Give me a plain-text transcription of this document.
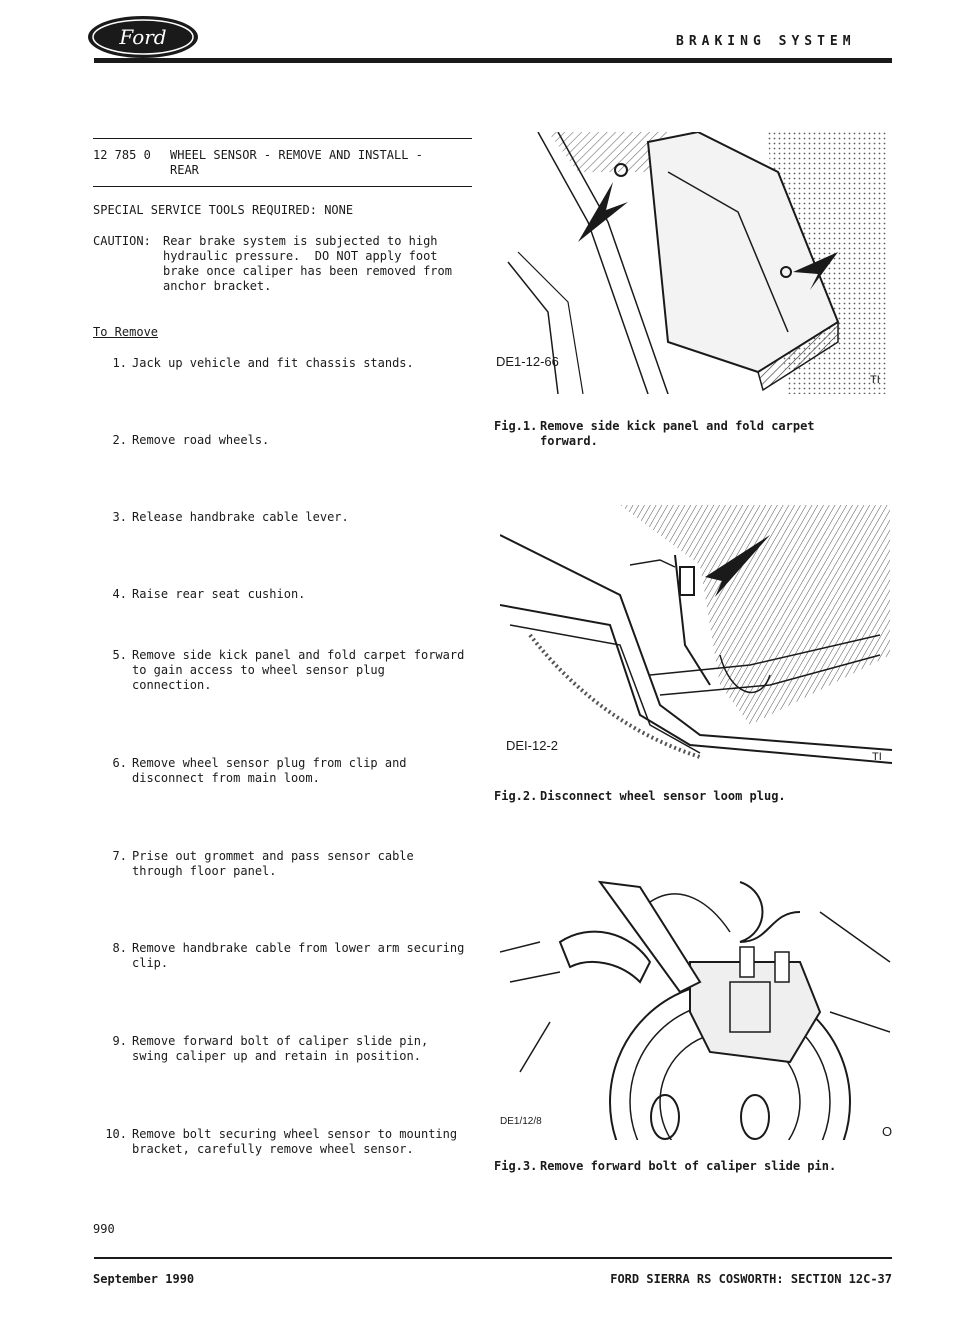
Ford	BRAKING SYSTEM
12 785 0 WHEEL SENSOR - REMOVE AND INSTALL -
REAR
SPECIAL SERVICE TOOLS REQUIRED: NONE
CAUTION: Rear brake system is subjected to high
hydraulic pressure.  DO NOT apply foot
brake once caliper has been removed from
anchor bracket.
To Remove
1. Jack up vehicle and fit chassis stands.
2. Remove road wheels.
3. Release handbrake cable lever.
4. Raise rear seat cushion.
5. Remove side kick panel and fold carpet forward
to gain access to wheel sensor plug
connection.
6. Remove wheel sensor plug from clip and
disconnect from main loom.
7. Prise out grommet and pass sensor cable
through floor panel.
8. Remove handbrake cable from lower arm securing
clip.
9. Remove forward bolt of caliper slide pin,
swing caliper up and retain in position.
10. Remove bolt securing wheel sensor to mounting
bracket, carefully remove wheel sensor.
DE1-12-66
TI
Fig.1. Remove side kick panel and fold carpet
forward.
DEI-12-2
TI
Fig.2. Disconnect wheel sensor loom plug.
DE1/12/8
O
Fig.3. Remove forward bolt of caliper slide pin.
990
September 1990	FORD SIERRA RS COSWORTH: SECTION 12C-37
